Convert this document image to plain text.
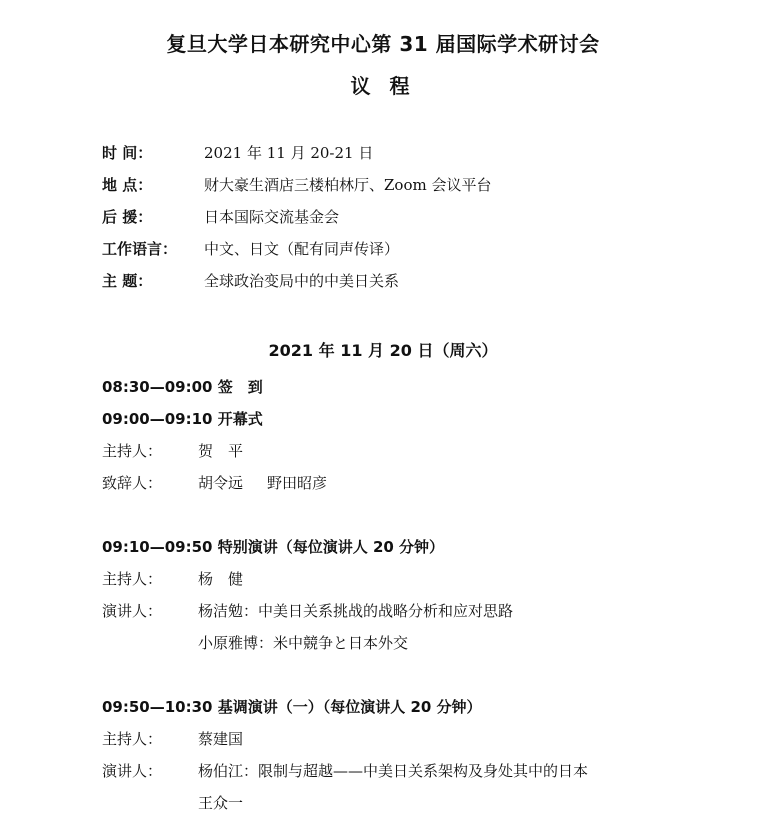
复旦大学日本研究中心第 31 届国际学术研讨会
议 程
时 间：	2021 年 11 月 20-21 日
地 点：	财大豪生酒店三楼柏林厅、Zoom 会议平台
后 援：	日本国际交流基金会
工作语言： 中文、日文（配有同声传译）
主 题：	全球政治变局中的中美日关系
2021 年 11 月 20 日（周六）
08:30—09:00 签　到
09:00—09:10 开幕式
主持人： 贺　平
致辞人： 胡令远 野田昭彦
09:10—09:50 特别演讲（每位演讲人 20 分钟）
主持人： 杨　健
演讲人： 杨洁勉：中美日关系挑战的战略分析和应对思路
小原雅博：米中競争と日本外交
09:50—10:30 基调演讲（一）（每位演讲人 20 分钟）
主持人： 蔡建国
演讲人： 杨伯江：限制与超越——中美日关系架构及身处其中的日本
王众一
